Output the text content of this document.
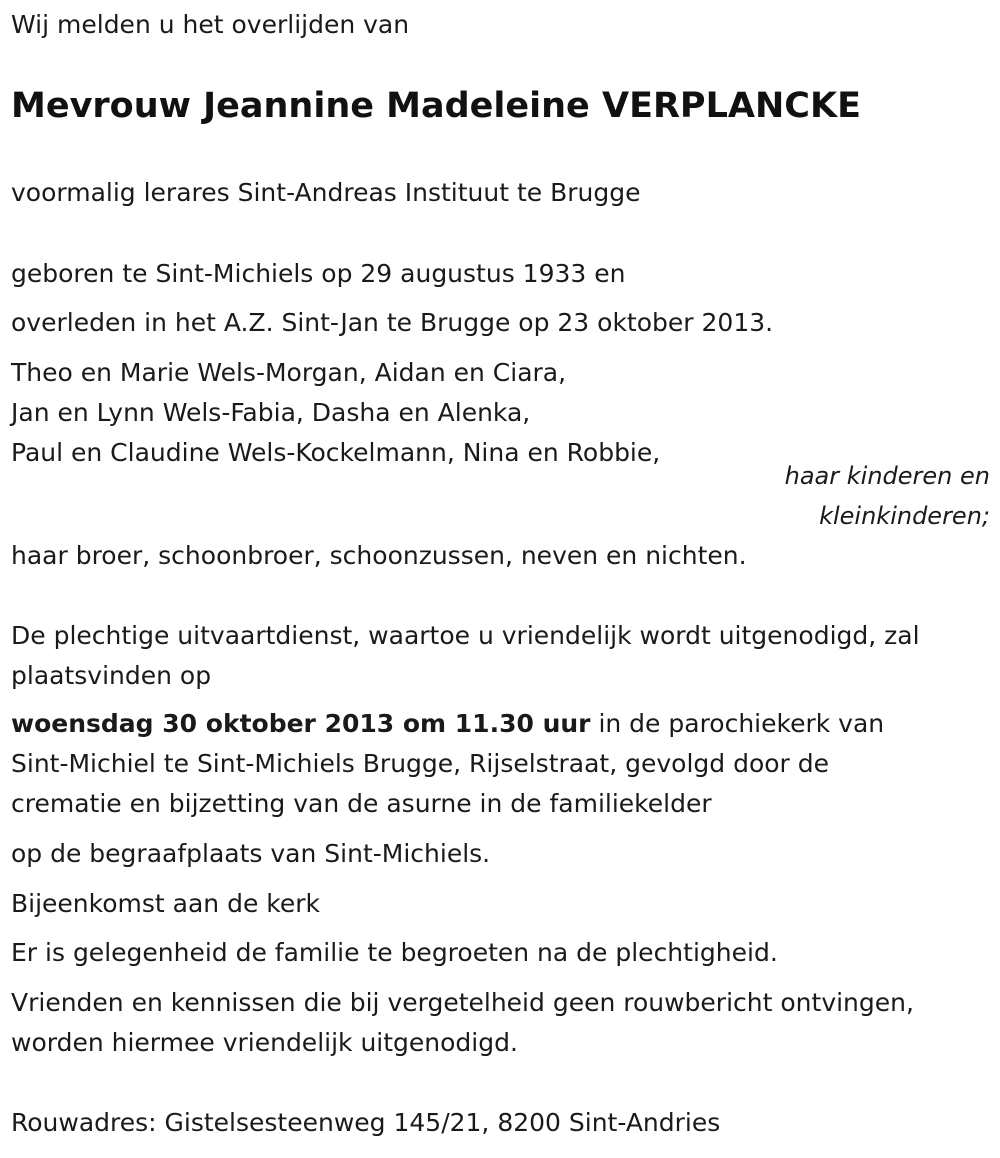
Wij melden u het overlijden van

Mevrouw Jeannine Madeleine VERPLANCKE

voormalig lerares Sint-Andreas Instituut te Brugge

geboren te Sint-Michiels op 29 augustus 1933 en

overleden in het A.Z. Sint-Jan te Brugge op 23 oktober 2013.

Theo en Marie Wels-Morgan, Aidan en Ciara,

Jan en Lynn Wels-Fabia, Dasha en Alenka,

Paul en Claudine Wels-Kockelmann, Nina en Robbie,

haar kinderen en

kleinkinderen;

haar broer, schoonbroer, schoonzussen, neven en nichten.

De plechtige uitvaartdienst, waartoe u vriendelijk wordt uitgenodigd, zal

plaatsvinden op

woensdag 30 oktober 2013 om 11.30 uur in de parochiekerk van

Sint-Michiel te Sint-Michiels Brugge, Rijselstraat, gevolgd door de

crematie en bijzetting van de asurne in de familiekelder

op de begraafplaats van Sint-Michiels.

Bijeenkomst aan de kerk

Er is gelegenheid de familie te begroeten na de plechtigheid.

Vrienden en kennissen die bij vergetelheid geen rouwbericht ontvingen,

worden hiermee vriendelijk uitgenodigd.

Rouwadres: Gistelsesteenweg 145/21, 8200 Sint-Andries
